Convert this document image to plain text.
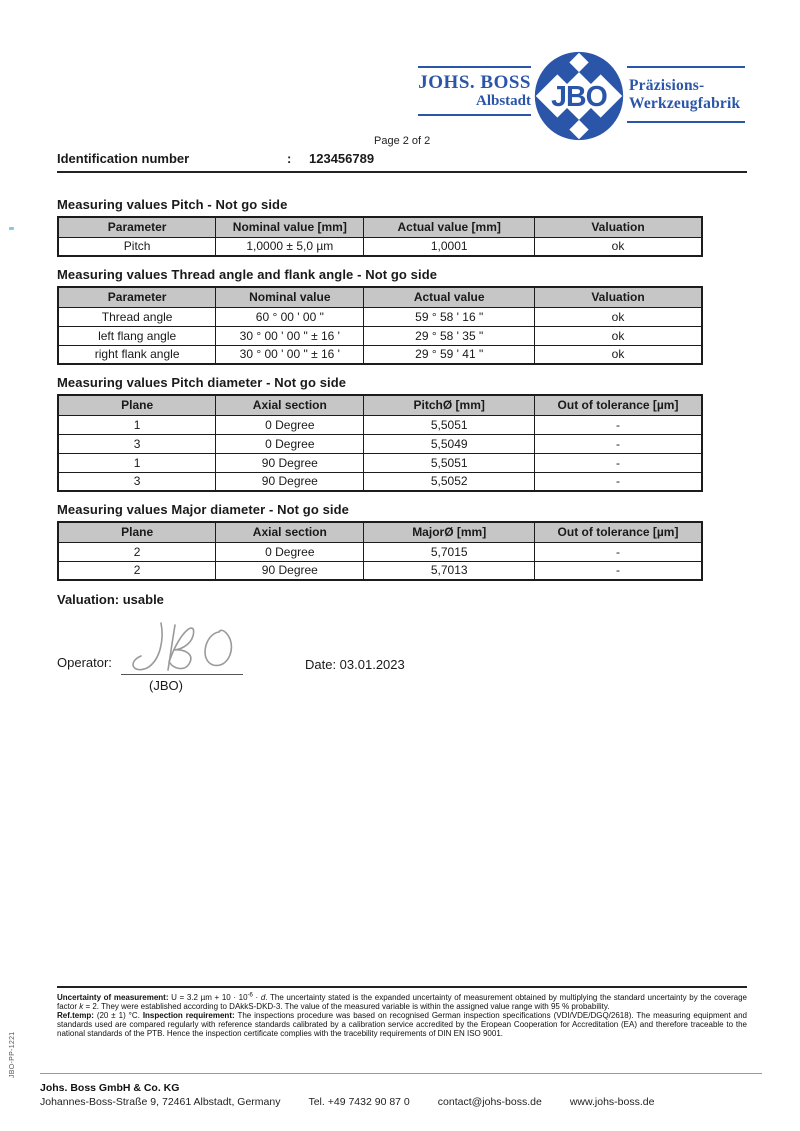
JBO-PP-1221
JOHS. BOSS
Albstadt JBO Präzisions-
Werkzeugfabrik
Page 2 of 2
Identification number	: 123456789
Measuring values Pitch - Not go side
Parameter	Nominal value [mm]	Actual value [mm]	Valuation
Pitch	1,0000 ± 5,0 µm	1,0001	ok
Measuring values Thread angle and flank angle - Not go side
Parameter	Nominal value	Actual value	Valuation
Thread angle	60 ° 00 ' 00 "	59 ° 58 ' 16 "	ok
left flang angle	30 ° 00 ' 00 " ± 16 '	29 ° 58 ' 35 "	ok
right flank angle	30 ° 00 ' 00 " ± 16 '	29 ° 59 ' 41 "	ok
Measuring values Pitch diameter - Not go side
Plane	Axial section	PitchØ [mm]	Out of tolerance [µm]
1	0 Degree	5,5051	-
3	0 Degree	5,5049	-
1	90 Degree	5,5051	-
3	90 Degree	5,5052	-
Measuring values Major diameter - Not go side
Plane	Axial section	MajorØ [mm]	Out of tolerance [µm]
2	0 Degree	5,7015	-
2	90 Degree	5,7013	-
Valuation: usable
Operator:
(JBO)
Date: 03.01.2023
Uncertainty of measurement: U = 3.2 $\mu m + 10 \cdot 10^{-6} \cdot d$. The uncertainty stated is the expanded uncertainty of measurement obtained by multiplying the standard uncertainty by the coverage factor k = 2. They were established according to DAkkS-DKD-3. The value of the measured variable is within the assigned value range with 95 % probability.
Ref.temp: (20 ± 1) °C. Inspection requirement: The inspections procedure was based on recognised German inspection specifications (VDI/VDE/DGQ/2618). The measuring equipment and standards used are compared regularly with reference standards calibrated by a calibration service accredited by the Eropean Cooperation for Accreditation (EA) and therefore traceable to the national standards of the PTB. Hence the inspection certificate complies with the tracebility requirements of DIN EN ISO 9001.
Johs. Boss GmbH & Co. KG
Johannes-Boss-Straße 9, 72461 Albstadt, Germany	Tel. +49 7432 90 87 0	contact@johs-boss.de	www.johs-boss.de
